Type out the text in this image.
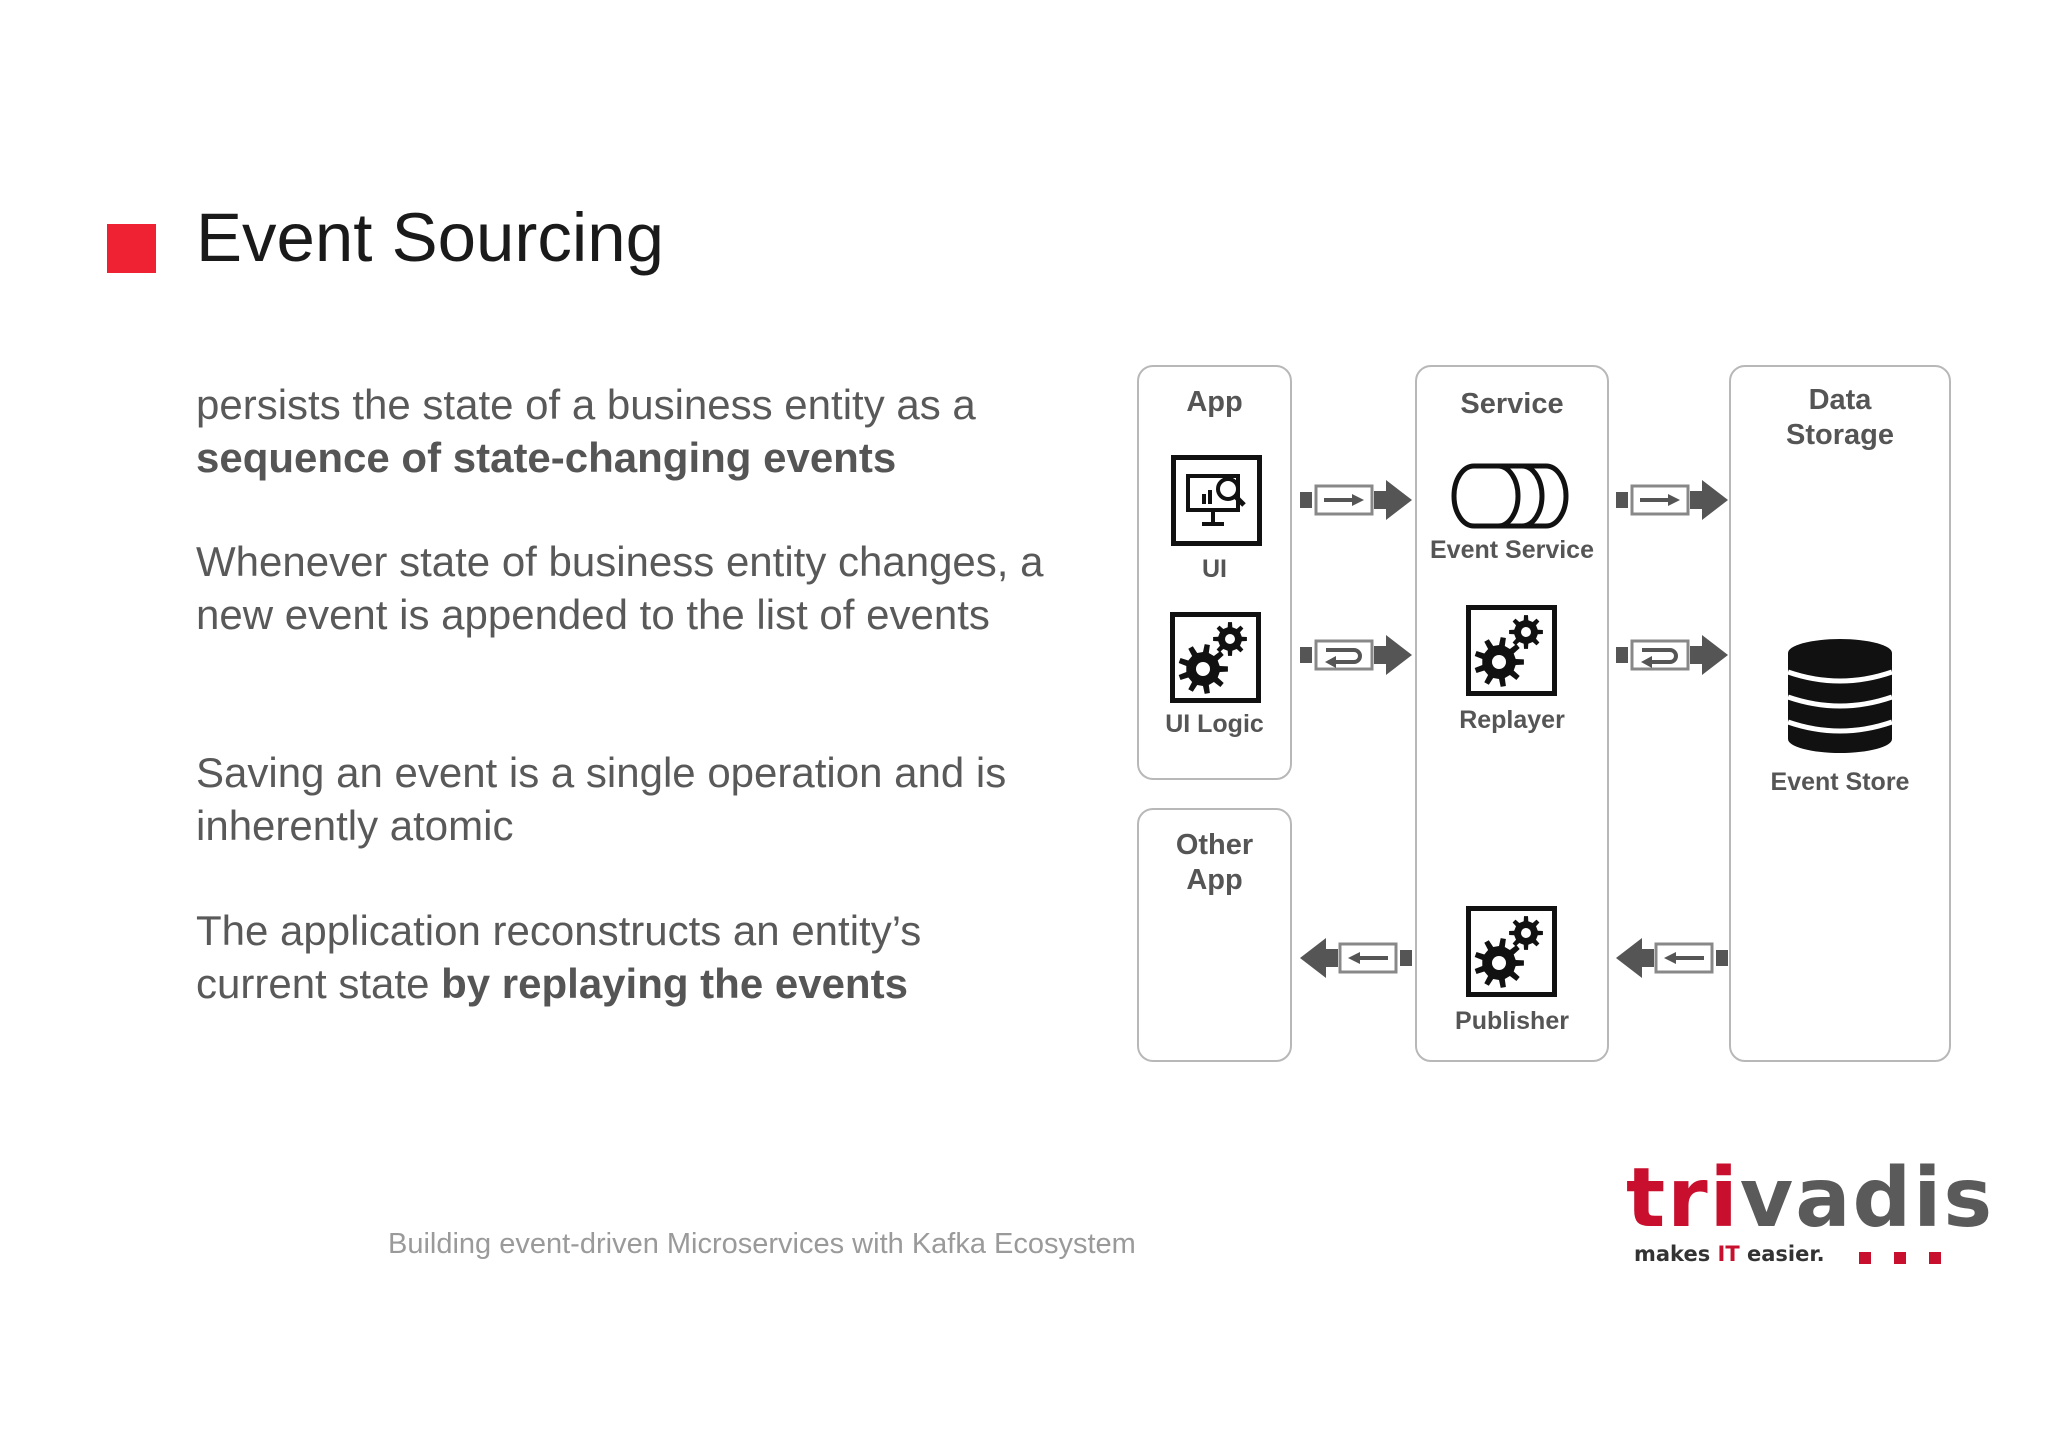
Event Sourcing
persists the state of a business entity as a
sequence of state-changing events
Whenever state of business entity changes, a new event is appended to the list of events
Saving an event is a single operation and is inherently atomic
The application reconstructs an entity’s current state by replaying the events
Building event-driven Microservices with Kafka Ecosystem
App
UI
UI Logic
Other
App
Service
Event Service
Replayer
Publisher
Data
Storage
Event Store
trivadis
makes IT easier.
